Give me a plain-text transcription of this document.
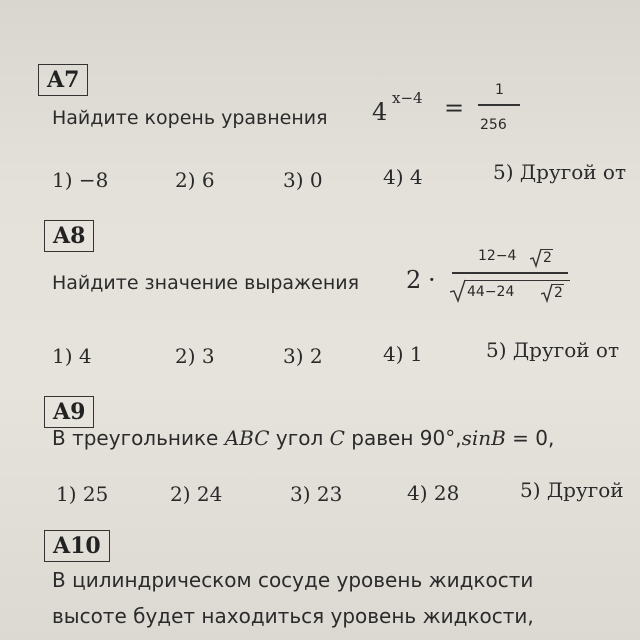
A7
Найдите корень уравнения 4 x−4 =
1
256
1) −8	2) 6	3) 0	4) 4	5) Другой от
A8
Найдите значение выражения 2 ·
12−4 2
44−24	2
1) 4	2) 3	3) 2	4) 1	5) Другой от
A9
В треугольнике ABC угол C равен 90°,sinB = 0,
1) 25	2) 24	3) 23	4) 28	5) Другой
A10
В цилиндрическом сосуде уровень жидкости
высоте будет находиться уровень жидкости,
